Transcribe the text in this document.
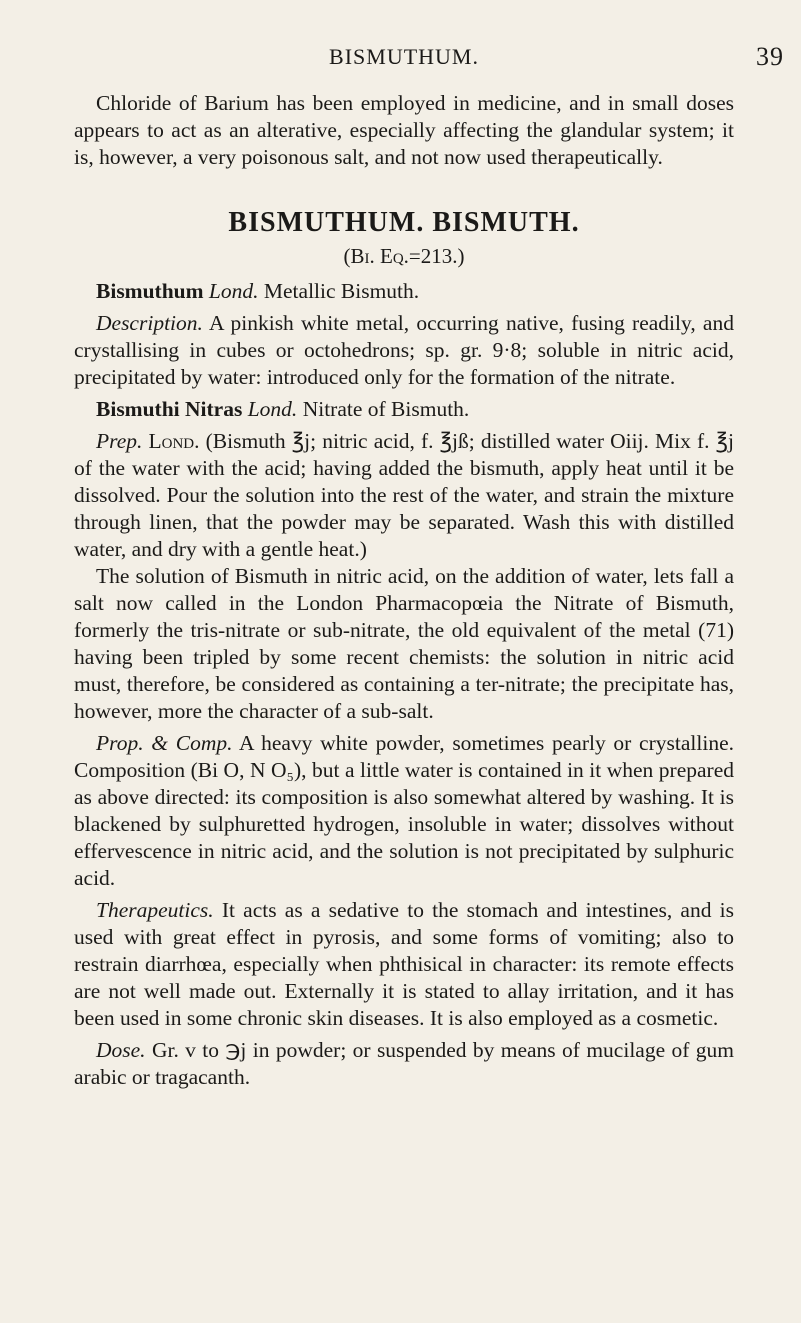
BISMUTHUM.	39

Chloride of Barium has been employed in medicine, and in small doses appears to act as an alterative, especially affecting the glandular system; it is, however, a very poisonous salt, and not now used therapeutically.

BISMUTHUM. BISMUTH.
(Bi. Eq.=213.)

Bismuthum Lond. Metallic Bismuth.

Description. A pinkish white metal, occurring native, fusing readily, and crystallising in cubes or octohedrons; sp. gr. 9·8; soluble in nitric acid, precipitated by water: introduced only for the formation of the nitrate.

Bismuthi Nitras Lond. Nitrate of Bismuth.

Prep. Lond. (Bismuth ℥j; nitric acid, f. ℥jß; distilled water Oiij. Mix f. ℥j of the water with the acid; having added the bismuth, apply heat until it be dissolved. Pour the solution into the rest of the water, and strain the mixture through linen, that the powder may be separated. Wash this with distilled water, and dry with a gentle heat.)

The solution of Bismuth in nitric acid, on the addition of water, lets fall a salt now called in the London Pharmacopœia the Nitrate of Bismuth, formerly the tris-nitrate or sub-nitrate, the old equivalent of the metal (71) having been tripled by some recent chemists: the solution in nitric acid must, therefore, be considered as containing a ter-nitrate; the precipitate has, however, more the character of a sub-salt.

Prop. & Comp. A heavy white powder, sometimes pearly or crystalline. Composition (Bi O, N O₅), but a little water is contained in it when prepared as above directed: its composition is also somewhat altered by washing. It is blackened by sulphuretted hydrogen, insoluble in water; dissolves without effervescence in nitric acid, and the solution is not precipitated by sulphuric acid.

Therapeutics. It acts as a sedative to the stomach and intestines, and is used with great effect in pyrosis, and some forms of vomiting; also to restrain diarrhœa, especially when phthisical in character: its remote effects are not well made out. Externally it is stated to allay irritation, and it has been used in some chronic skin diseases. It is also employed as a cosmetic.

Dose. Gr. v to ℈j in powder; or suspended by means of mucilage of gum arabic or tragacanth.
